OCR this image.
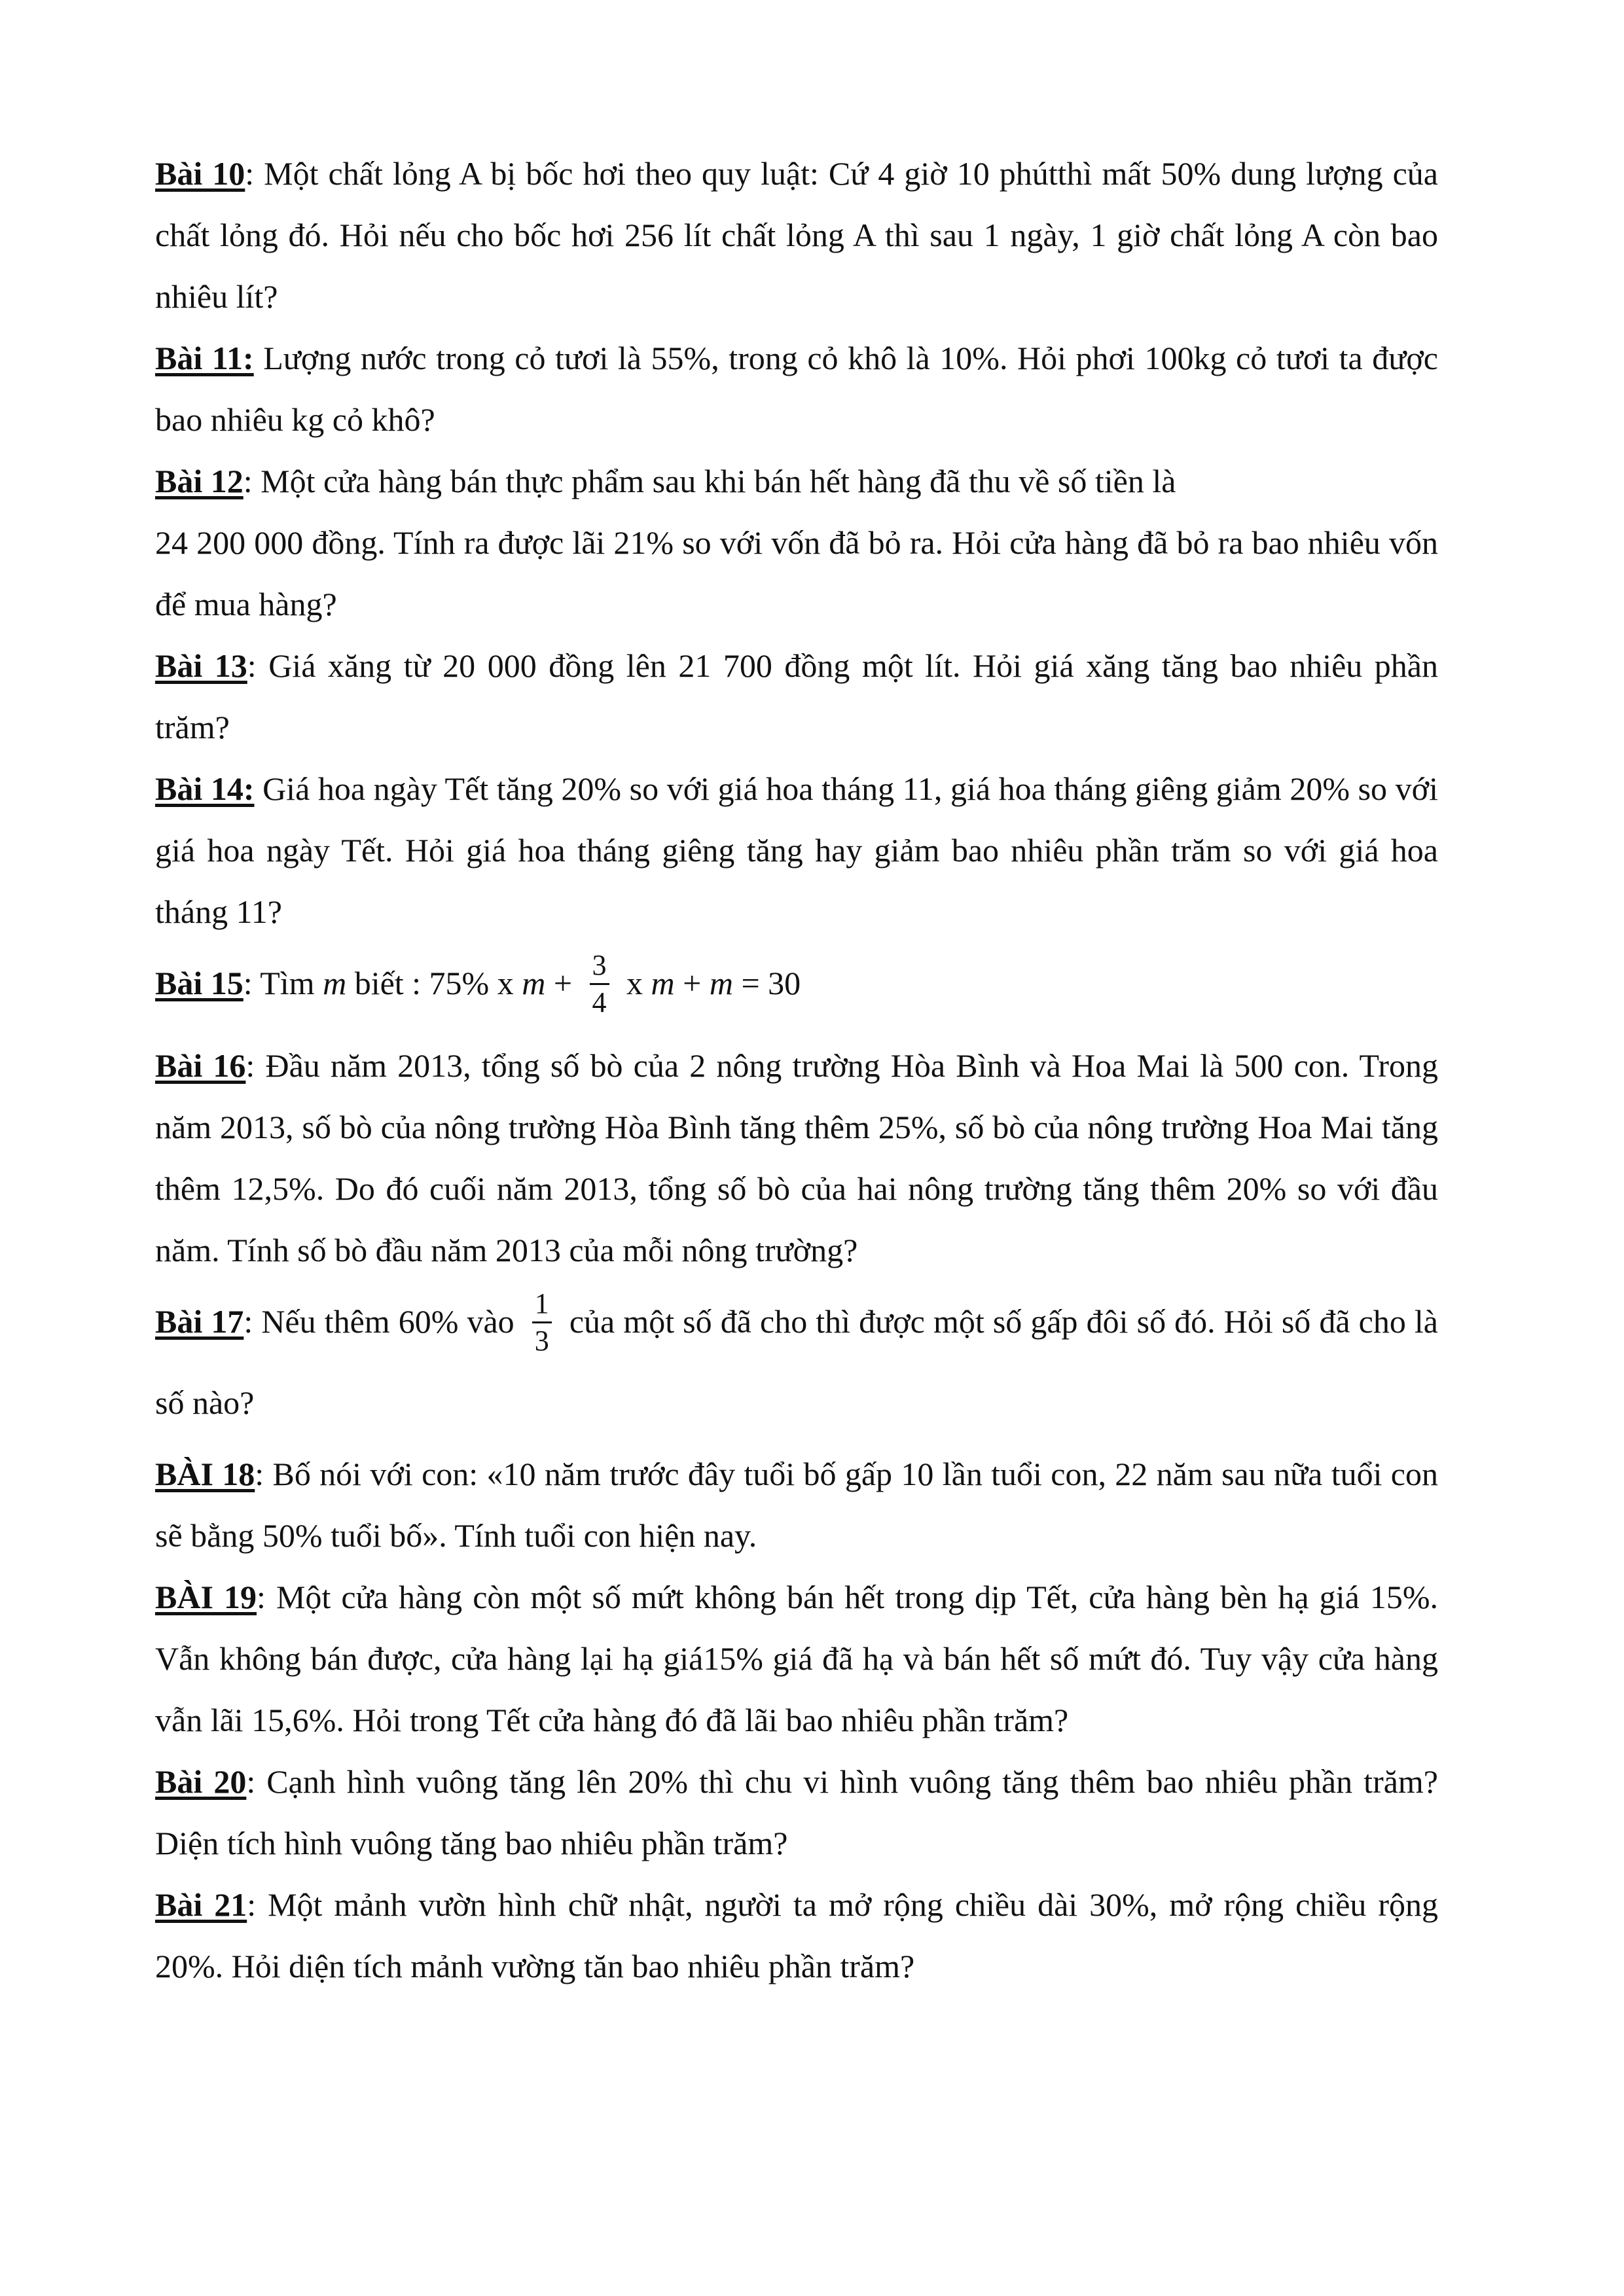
Bài 10: Một chất lỏng A bị bốc hơi theo quy luật: Cứ 4 giờ 10 phútthì mất 50% dung lượng của chất lỏng đó. Hỏi nếu cho bốc hơi 256 lít chất lỏng A thì sau 1 ngày, 1 giờ chất lỏng A còn bao nhiêu lít?

Bài 11: Lượng nước trong cỏ tươi là 55%, trong cỏ khô là 10%. Hỏi phơi 100kg cỏ tươi ta được bao nhiêu kg cỏ khô?

Bài 12: Một cửa hàng bán thực phẩm sau khi bán hết hàng đã thu về số tiền là
24 200 000 đồng. Tính ra được lãi 21% so với vốn đã bỏ ra. Hỏi cửa hàng đã bỏ ra bao nhiêu vốn để mua hàng?

Bài 13: Giá xăng từ 20 000 đồng lên 21 700 đồng một lít. Hỏi giá xăng tăng bao nhiêu phần trăm?

Bài 14: Giá hoa ngày Tết tăng 20% so với giá hoa tháng 11, giá hoa tháng giêng giảm 20% so với giá hoa ngày Tết. Hỏi giá hoa tháng giêng tăng hay giảm bao nhiêu phần trăm so với giá hoa tháng 11?

Bài 15: Tìm m biết : 75% x $m + \frac{3}{4}$ x m + m = 30

Bài 16: Đầu năm 2013, tổng số bò của 2 nông trường Hòa Bình và Hoa Mai là 500 con. Trong năm 2013, số bò của nông trường Hòa Bình tăng thêm 25%, số bò của nông trường Hoa Mai tăng thêm 12,5%. Do đó cuối năm 2013, tổng số bò của hai nông trường tăng thêm 20% so với đầu năm. Tính số bò đầu năm 2013 của mỗi nông trường?

Bài 17: Nếu thêm 60% vào $\frac{1}{3}$ của một số đã cho thì được một số gấp đôi số đó. Hỏi số đã cho là số nào?

BÀI 18: Bố nói với con: «10 năm trước đây tuổi bố gấp 10 lần tuổi con, 22 năm sau nữa tuổi con sẽ bằng 50% tuổi bố». Tính tuổi con hiện nay.

BÀI 19: Một cửa hàng còn một số mứt không bán hết trong dịp Tết, cửa hàng bèn hạ giá 15%. Vẫn không bán được, cửa hàng lại hạ giá15% giá đã hạ và bán hết số mứt đó. Tuy vậy cửa hàng vẫn lãi 15,6%. Hỏi trong Tết cửa hàng đó đã lãi bao nhiêu phần trăm?

Bài 20: Cạnh hình vuông tăng lên 20% thì chu vi hình vuông tăng thêm bao nhiêu phần trăm? Diện tích hình vuông tăng bao nhiêu phần trăm?

Bài 21: Một mảnh vườn hình chữ nhật, người ta mở rộng chiều dài 30%, mở rộng chiều rộng 20%. Hỏi diện tích mảnh vường tăn bao nhiêu phần trăm?
